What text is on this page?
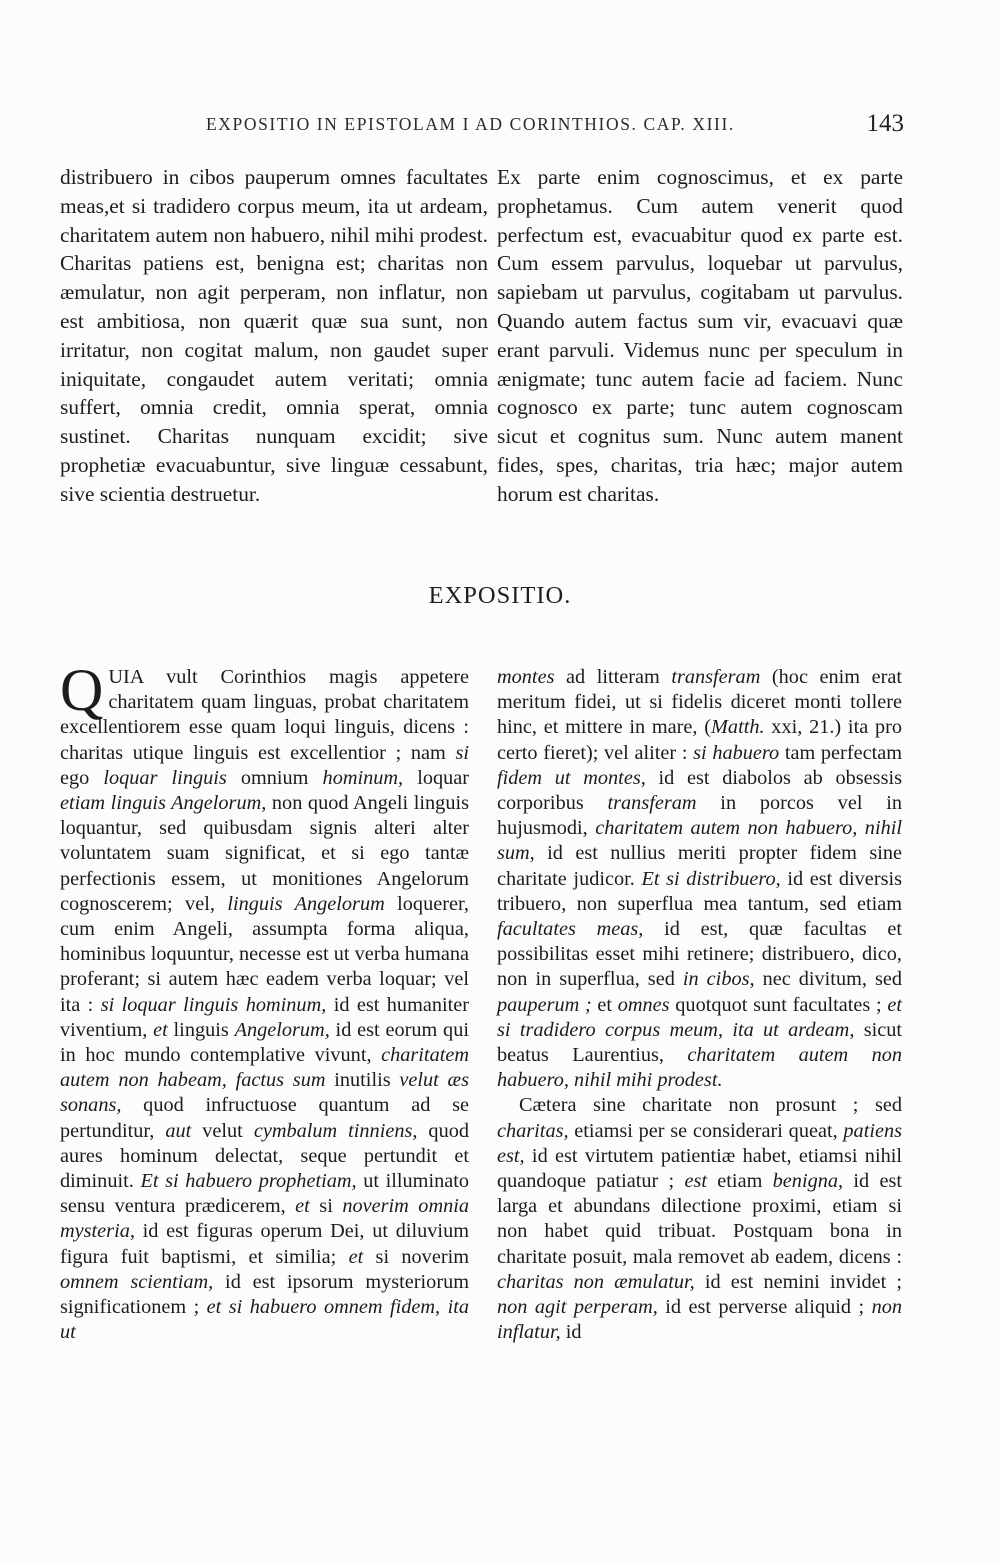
EXPOSITIO IN EPISTOLAM I AD CORINTHIOS. CAP. XIII.	143

distribuero in cibos pauperum omnes facultates meas,et si tradidero corpus meum, ita ut ardeam, charitatem autem non habuero, nihil mihi prodest. Charitas patiens est, benigna est; charitas non æmulatur, non agit perperam, non inflatur, non est ambitiosa, non quærit quæ sua sunt, non irritatur, non cogitat malum, non gaudet super iniquitate, congaudet autem veritati; omnia suffert, omnia credit, omnia sperat, omnia sustinet. Charitas nunquam excidit; sive prophetiæ evacuabuntur, sive linguæ cessabunt, sive scientia destruetur.

Ex parte enim cognoscimus, et ex parte prophetamus. Cum autem venerit quod perfectum est, evacuabitur quod ex parte est. Cum essem parvulus, loquebar ut parvulus, sapiebam ut parvulus, cogitabam ut parvulus. Quando autem factus sum vir, evacuavi quæ erant parvuli. Videmus nunc per speculum in ænigmate; tunc autem facie ad faciem. Nunc cognosco ex parte; tunc autem cognoscam sicut et cognitus sum. Nunc autem manent fides, spes, charitas, tria hæc; major autem horum est charitas.

EXPOSITIO.
Q UIA vult Corinthios magis appetere charitatem quam linguas, probat charitatem excellentiorem esse quam loqui linguis, dicens : charitas utique linguis est excellentior ; nam si ego loquar linguis omnium hominum, loquar etiam linguis Angelorum, non quod Angeli linguis loquantur, sed quibusdam signis alteri alter voluntatem suam significat, et si ego tantæ perfectionis essem, ut monitiones Angelorum cognoscerem; vel, linguis Angelorum loquerer, cum enim Angeli, assumpta forma aliqua, hominibus loquuntur, necesse est ut verba humana proferant; si autem hæc eadem verba loquar; vel ita : si loquar linguis hominum, id est humaniter viventium, et linguis Angelorum, id est eorum qui in hoc mundo contemplative vivunt, charitatem autem non habeam, factus sum inutilis velut æs sonans, quod infructuose quantum ad se pertunditur, aut velut cymbalum tinniens, quod aures hominum delectat, seque pertundit et diminuit. Et si habuero prophetiam, ut illuminato sensu ventura prædicerem, et si noverim omnia mysteria, id est figuras operum Dei, ut diluvium figura fuit baptismi, et similia; et si noverim omnem scientiam, id est ipsorum mysteriorum significationem ; et si habuero omnem fidem, ita ut
montes ad litteram transferam (hoc enim erat meritum fidei, ut si fidelis diceret monti tollere hinc, et mittere in mare, (Matth. xxi, 21.) ita pro certo fieret); vel aliter : si habuero tam perfectam fidem ut montes, id est diabolos ab obsessis corporibus transferam in porcos vel in hujusmodi, charitatem autem non habuero, nihil sum, id est nullius meriti propter fidem sine charitate judicor. Et si distribuero, id est diversis tribuero, non superflua mea tantum, sed etiam facultates meas, id est, quæ facultas et possibilitas esset mihi retinere; distribuero, dico, non in superflua, sed in cibos, nec divitum, sed pauperum ; et omnes quotquot sunt facultates ; et si tradidero corpus meum, ita ut ardeam, sicut beatus Laurentius, charitatem autem non habuero, nihil mihi prodest.
Cætera sine charitate non prosunt ; sed charitas, etiamsi per se considerari queat, patiens est, id est virtutem patientiæ habet, etiamsi nihil quandoque patiatur ; est etiam benigna, id est larga et abundans dilectione proximi, etiam si non habet quid tribuat. Postquam bona in charitate posuit, mala removet ab eadem, dicens : charitas non æmulatur, id est nemini invidet ; non agit perperam, id est perverse aliquid ; non inflatur, id
